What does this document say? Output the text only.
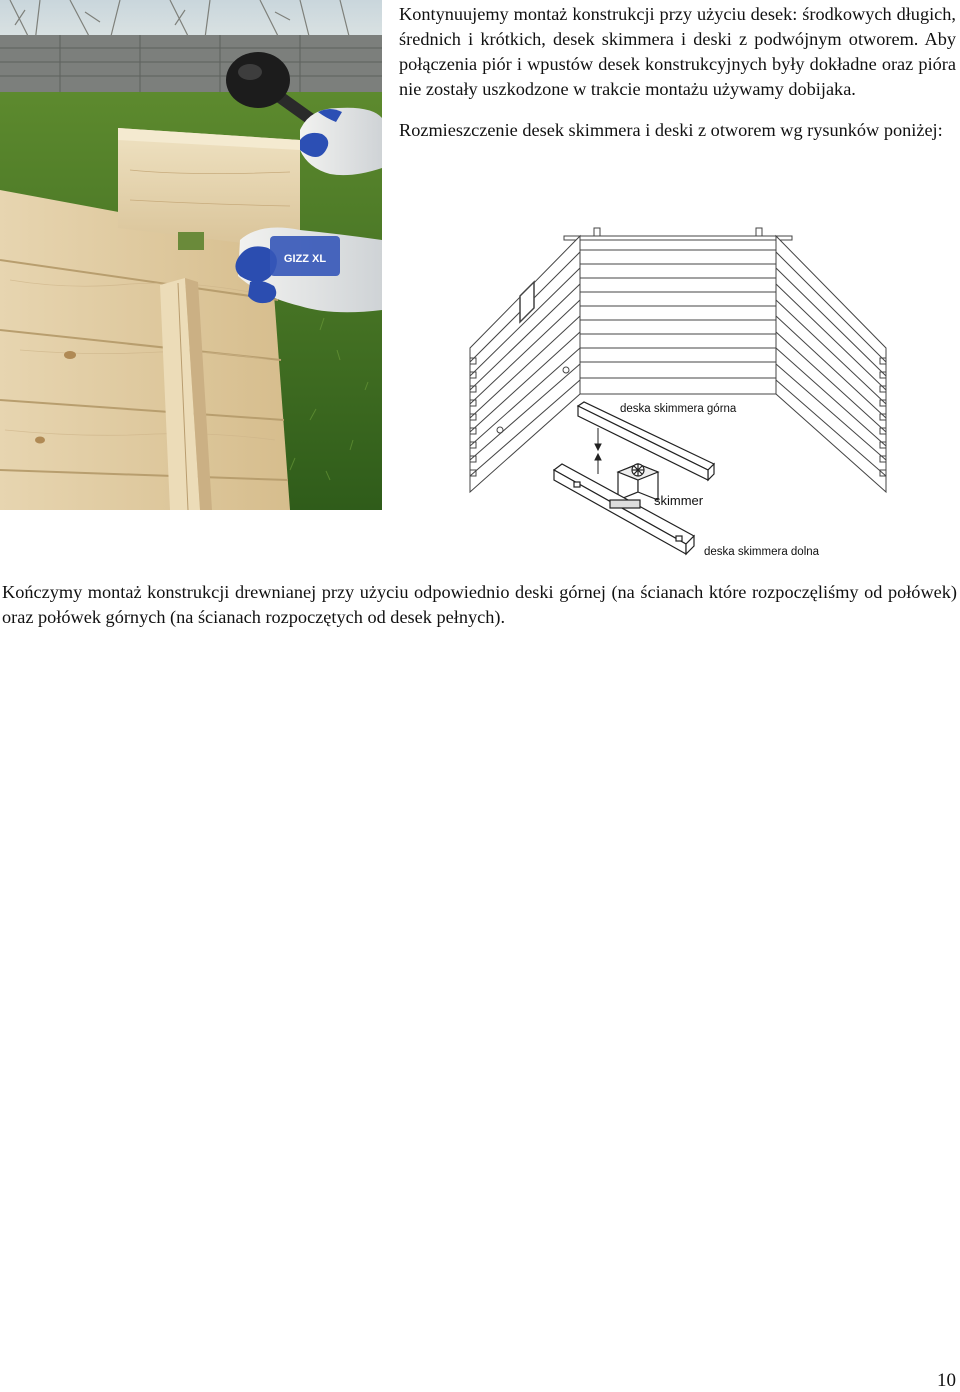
GIZZ XL

Kontynuujemy montaż konstrukcji przy użyciu desek: środkowych długich, średnich i krótkich, desek skimmera i deski z podwójnym otworem. Aby połączenia piór i wpustów desek konstrukcyjnych były dokładne oraz pióra nie zostały uszkodzone w trakcie montażu używamy dobijaka.

Rozmieszczenie desek skimmera i deski z otworem wg rysunków poniżej:

deska skimmera górna
skimmer
deska skimmera dolna

Kończymy montaż konstrukcji drewnianej przy użyciu odpowiednio deski górnej (na ścianach które rozpoczęliśmy od połówek) oraz połówek górnych (na ścianach rozpoczętych od desek pełnych).

10
